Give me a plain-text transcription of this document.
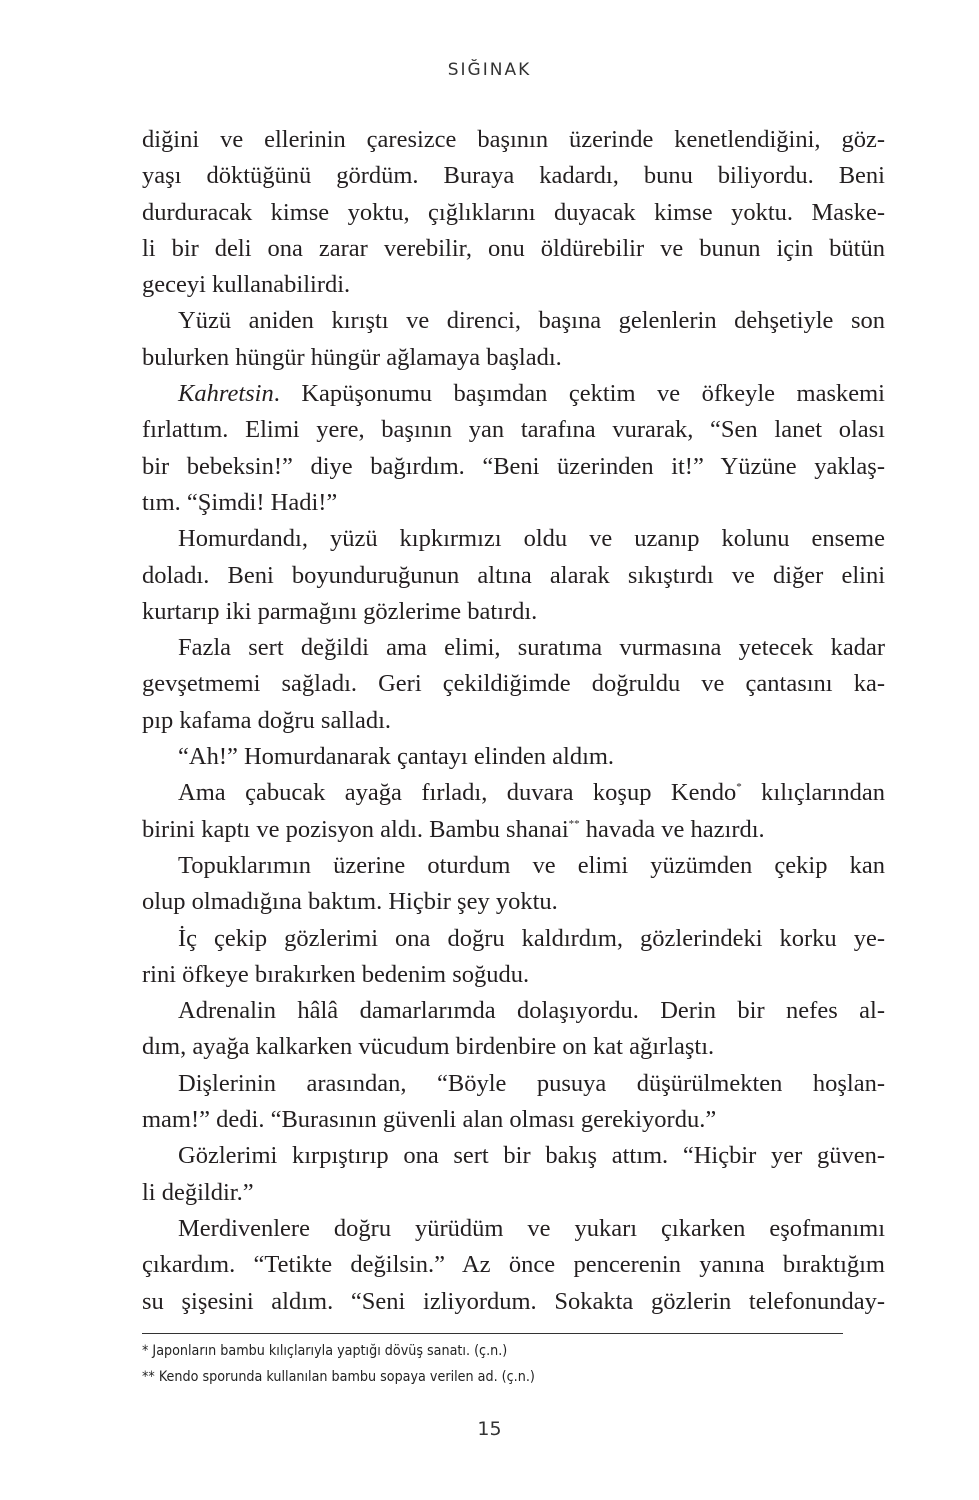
SIĞINAK
diğini ve ellerinin çaresizce başının üzerinde kenetlendiğini, göz-
yaşı döktüğünü gördüm. Buraya kadardı, bunu biliyordu. Beni
durduracak kimse yoktu, çığlıklarını duyacak kimse yoktu. Maske-
li bir deli ona zarar verebilir, onu öldürebilir ve bunun için bütün
geceyi kullanabilirdi.
Yüzü aniden kırıştı ve direnci, başına gelenlerin dehşetiyle son
bulurken hüngür hüngür ağlamaya başladı.
Kahretsin. Kapüşonumu başımdan çektim ve öfkeyle maskemi
fırlattım. Elimi yere, başının yan tarafına vurarak, “Sen lanet olası
bir bebeksin!” diye bağırdım. “Beni üzerinden it!” Yüzüne yaklaş-
tım. “Şimdi! Hadi!”
Homurdandı, yüzü kıpkırmızı oldu ve uzanıp kolunu enseme
doladı. Beni boyunduruğunun altına alarak sıkıştırdı ve diğer elini
kurtarıp iki parmağını gözlerime batırdı.
Fazla sert değildi ama elimi, suratıma vurmasına yetecek kadar
gevşetmemi sağladı. Geri çekildiğimde doğruldu ve çantasını ka-
pıp kafama doğru salladı.
“Ah!” Homurdanarak çantayı elinden aldım.
Ama çabucak ayağa fırladı, duvara koşup Kendo* kılıçlarından
birini kaptı ve pozisyon aldı. Bambu shanai** havada ve hazırdı.
Topuklarımın üzerine oturdum ve elimi yüzümden çekip kan
olup olmadığına baktım. Hiçbir şey yoktu.
İç çekip gözlerimi ona doğru kaldırdım, gözlerindeki korku ye-
rini öfkeye bırakırken bedenim soğudu.
Adrenalin hâlâ damarlarımda dolaşıyordu. Derin bir nefes al-
dım, ayağa kalkarken vücudum birdenbire on kat ağırlaştı.
Dişlerinin arasından, “Böyle pusuya düşürülmekten hoşlan-
mam!” dedi. “Burasının güvenli alan olması gerekiyordu.”
Gözlerimi kırpıştırıp ona sert bir bakış attım. “Hiçbir yer güven-
li değildir.”
Merdivenlere doğru yürüdüm ve yukarı çıkarken eşofmanımı
çıkardım. “Tetikte değilsin.” Az önce pencerenin yanına bıraktığım
su şişesini aldım. “Seni izliyordum. Sokakta gözlerin telefonunday-
* Japonların bambu kılıçlarıyla yaptığı dövüş sanatı. (ç.n.)
** Kendo sporunda kullanılan bambu sopaya verilen ad. (ç.n.)
15
